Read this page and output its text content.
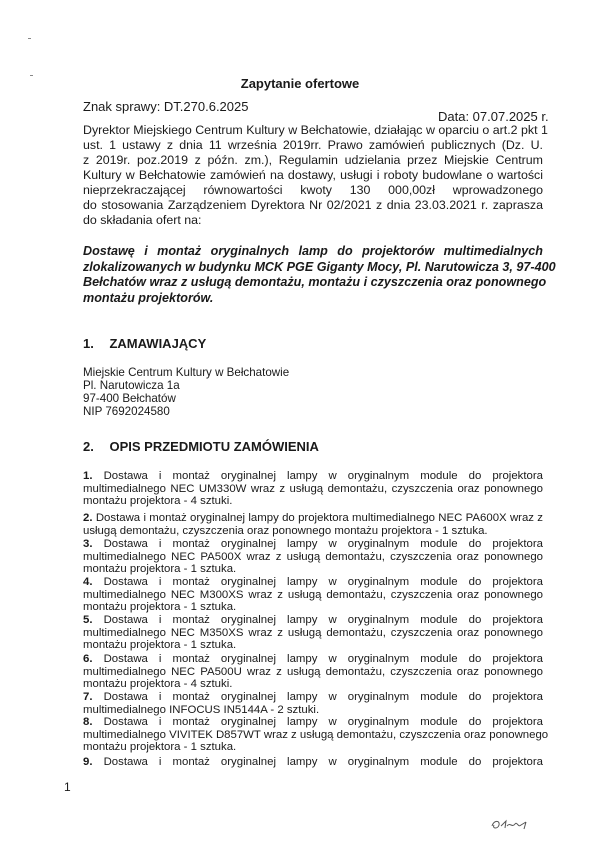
Zapytanie ofertowe

Znak sprawy: DT.270.6.2025

Data: 07.07.2025 r.

Dyrektor Miejskiego Centrum Kultury w Bełchatowie, działając w oparciu o art.2 pkt 1
ust. 1 ustawy z dnia 11 września 2019rr. Prawo zamówień publicznych (Dz. U.
z 2019r. poz.2019 z późn. zm.), Regulamin udzielania przez Miejskie Centrum
Kultury w Bełchatowie zamówień na dostawy, usługi i roboty budowlane o wartości
nieprzekraczającej równowartości kwoty 130 000,00zł wprowadzonego
do stosowania Zarządzeniem Dyrektora Nr 02/2021 z dnia 23.03.2021 r. zaprasza
do składania ofert na:
Dostawę i montaż oryginalnych lamp do projektorów multimedialnych
zlokalizowanych w budynku MCK PGE Giganty Mocy, Pl. Narutowicza 3, 97-400
Bełchatów wraz z usługą demontażu, montażu i czyszczenia oraz ponownego
montażu projektorów.
1. ZAMAWIAJĄCY
Miejskie Centrum Kultury w Bełchatowie
Pl. Narutowicza 1a
97-400 Bełchatów
NIP 7692024580
2. OPIS PRZEDMIOTU ZAMÓWIENIA
1. Dostawa i montaż oryginalnej lampy w oryginalnym module do projektora
multimedialnego NEC UM330W wraz z usługą demontażu, czyszczenia oraz ponownego
montażu projektora - 4 sztuki.
2. Dostawa i montaż oryginalnej lampy do projektora multimedialnego NEC PA600X wraz z
usługą demontażu, czyszczenia oraz ponownego montażu projektora - 1 sztuka.
3. Dostawa i montaż oryginalnej lampy w oryginalnym module do projektora
multimedialnego NEC PA500X wraz z usługą demontażu, czyszczenia oraz ponownego
montażu projektora - 1 sztuka.
4. Dostawa i montaż oryginalnej lampy w oryginalnym module do projektora
multimedialnego NEC M300XS wraz z usługą demontażu, czyszczenia oraz ponownego
montażu projektora - 1 sztuka.
5. Dostawa i montaż oryginalnej lampy w oryginalnym module do projektora
multimedialnego NEC M350XS wraz z usługą demontażu, czyszczenia oraz ponownego
montażu projektora - 1 sztuka.
6. Dostawa i montaż oryginalnej lampy w oryginalnym module do projektora
multimedialnego NEC PA500U wraz z usługą demontażu, czyszczenia oraz ponownego
montażu projektora - 4 sztuki.
7. Dostawa i montaż oryginalnej lampy w oryginalnym module do projektora
multimedialnego INFOCUS IN5144A - 2 sztuki.
8. Dostawa i montaż oryginalnej lampy w oryginalnym module do projektora
multimedialnego VIVITEK D857WT wraz z usługą demontażu, czyszczenia oraz ponownego
montażu projektora - 1 sztuka.
9. Dostawa i montaż oryginalnej lampy w oryginalnym module do projektora

1
